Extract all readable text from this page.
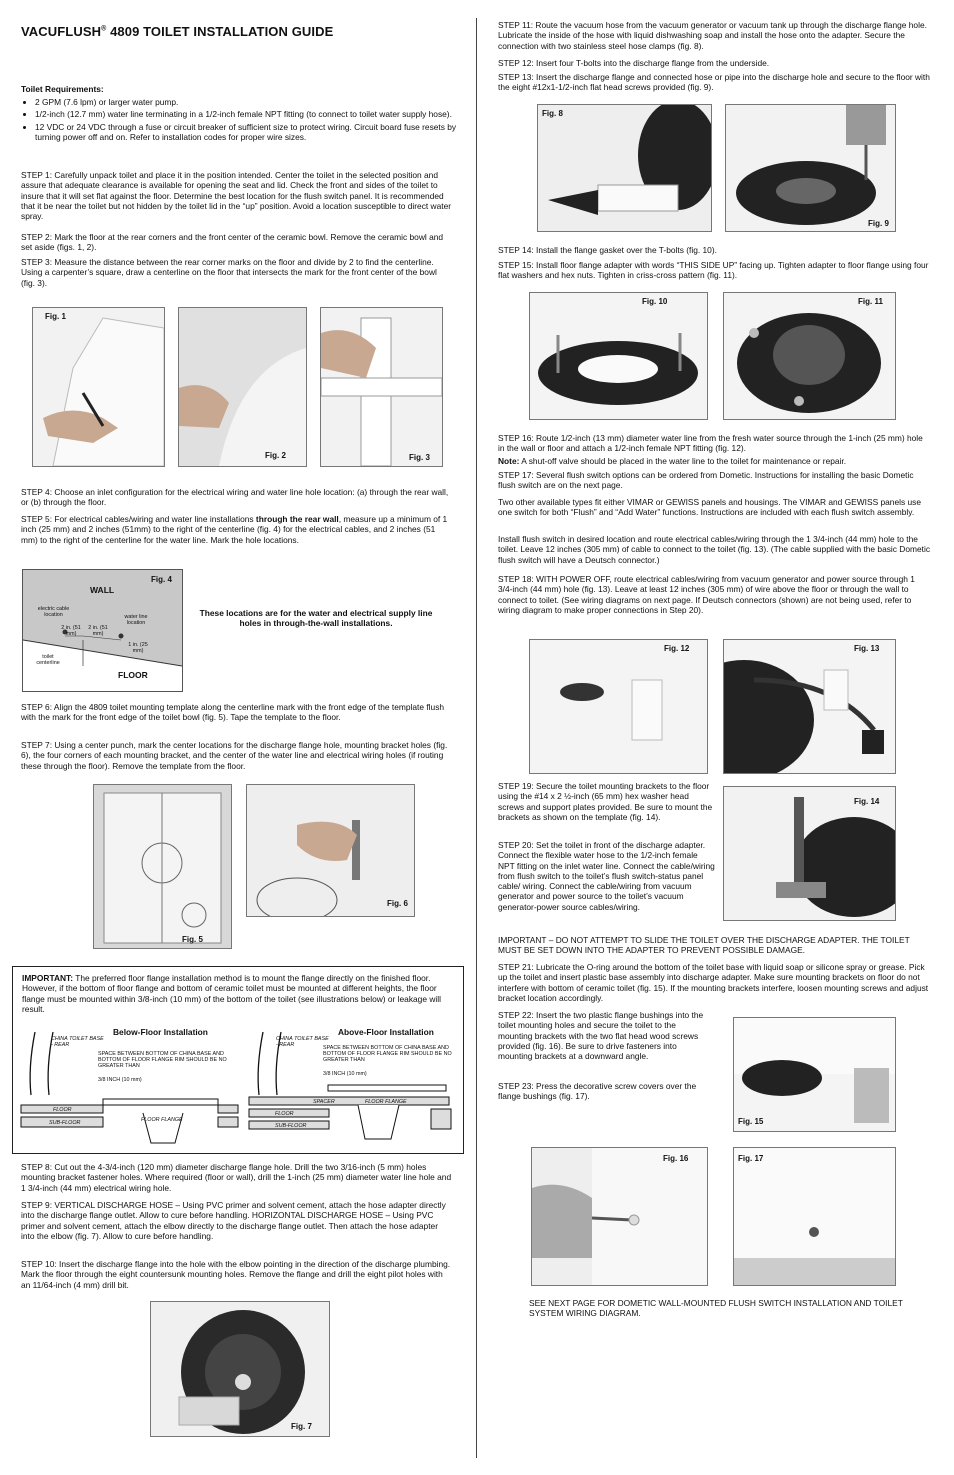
VACUFLUSH® 4809 TOILET INSTALLATION GUIDE
Toilet Requirements:
• 2 GPM (7.6 lpm) or larger water pump.
• 1/2-inch (12.7 mm) water line terminating in a 1/2-inch female NPT fitting (to connect to toilet water supply hose).
• 12 VDC or 24 VDC through a fuse or circuit breaker of sufficient size to protect wiring. Circuit board fuse resets by turning power off and on. Refer to installation codes for proper wire sizes.

STEP 1: Carefully unpack toilet and place it in the position intended. Center the toilet in the selected position and assure that adequate clearance is available for opening the seat and lid. Check the front and sides of the toilet to insure that it will set flat against the floor. Determine the best location for the flush switch panel. It is recommended that it be near the toilet but not hidden by the toilet lid in the “up” position. Avoid a location susceptible to direct water spray.

STEP 2: Mark the floor at the rear corners and the front center of the ceramic bowl. Remove the ceramic bowl and set aside (figs. 1, 2).

STEP 3: Measure the distance between the rear corner marks on the floor and divide by 2 to find the centerline. Using a carpenter’s square, draw a centerline on the floor that intersects the mark for the front center of the bowl (fig. 3).

Fig. 1
Fig. 2	Fig. 3

STEP 4: Choose an inlet configuration for the electrical wiring and water line hole location: (a) through the rear wall, or (b) through the floor.

STEP 5: For electrical cables/wiring and water line installations through the rear wall, measure up a minimum of 1 inch (25 mm) and 2 inches (51mm) to the right of the centerline (fig. 4) for the electrical cables, and 2 inches (51 mm) to the right of the centerline for the water line. Mark the hole locations.

Fig. 4
WALL
electric cable location	water line location
2 in. (51 mm)
2 in. (51 mm)
1 in. (25 mm)
toilet centerline
FLOOR

These locations are for the water and electrical supply line holes in through-the-wall installations.

STEP 6: Align the 4809 toilet mounting template along the centerline mark with the front edge of the template flush with the mark for the front edge of the toilet bowl (fig. 5). Tape the template to the floor.

STEP 7: Using a center punch, mark the center locations for the discharge flange hole, mounting bracket holes (fig. 6), the four corners of each mounting bracket, and the center of the water line and electrical wiring holes (if routing these through the floor). Remove the template from the floor.

Fig. 5
Fig. 6

IMPORTANT: The preferred floor flange installation method is to mount the flange directly on the finished floor. However, if the bottom of floor flange and bottom of ceramic toilet must be mounted at different heights, the floor flange must be mounted within 3/8-inch (10 mm) of the bottom of the toilet (see illustrations below) or leakage will result.

Below-Floor Installation	Above-Floor Installation
CHINA TOILET BASE - REAR
SPACE BETWEEN BOTTOM OF CHINA BASE AND BOTTOM OF FLOOR FLANGE RIM SHOULD BE NO GREATER THAN
3/8 INCH (10 mm)
FLOOR
SUB-FLOOR	FLOOR FLANGE
CHINA TOILET BASE - REAR	SPACE BETWEEN BOTTOM OF CHINA BASE AND BOTTOM OF FLOOR FLANGE RIM SHOULD BE NO GREATER THAN
3/8 INCH (10 mm)
SPACER	FLOOR FLANGE
FLOOR
SUB-FLOOR

STEP 8: Cut out the 4-3/4-inch (120 mm) diameter discharge flange hole. Drill the two 3/16-inch (5 mm) holes mounting bracket fastener holes. Where required (floor or wall), drill the 1-inch (25 mm) diameter water line hole and 1 3/4-inch (44 mm) electrical wiring hole.

STEP 9: VERTICAL DISCHARGE HOSE – Using PVC primer and solvent cement, attach the hose adapter directly into the discharge flange outlet. Allow to cure before handling. HORIZONTAL DISCHARGE HOSE – Using PVC primer and solvent cement, attach the elbow directly to the discharge flange outlet. Then attach the hose adapter into the elbow (fig. 7). Allow to cure before handling.

STEP 10: Insert the discharge flange into the hole with the elbow pointing in the direction of the discharge plumbing. Mark the floor through the eight countersunk mounting holes. Remove the flange and drill the eight pilot holes with an 11/64-inch (4 mm) drill bit.

Fig. 7

STEP 11: Route the vacuum hose from the vacuum generator or vacuum tank up through the discharge flange hole. Lubricate the inside of the hose with liquid dishwashing soap and install the hose onto the adapter. Secure the connection with two stainless steel hose clamps (fig. 8).

STEP 12: Insert four T-bolts into the discharge flange from the underside.

STEP 13: Insert the discharge flange and connected hose or pipe into the discharge hole and secure to the floor with the eight #12x1-1/2-inch flat head screws provided (fig. 9).

Fig. 8
Fig. 9

STEP 14: Install the flange gasket over the T-bolts (fig. 10).

STEP 15: Install floor flange adapter with words “THIS SIDE UP” facing up. Tighten adapter to floor flange using four flat washers and hex nuts. Tighten in criss-cross pattern (fig. 11).

Fig. 10	Fig. 11

STEP 16: Route 1/2-inch (13 mm) diameter water line from the fresh water source through the 1-inch (25 mm) hole in the wall or floor and attach a 1/2-inch female NPT fitting (fig. 12).

Note: A shut-off valve should be placed in the water line to the toilet for maintenance or repair.

STEP 17: Several flush switch options can be ordered from Dometic. Instructions for installing the basic Dometic flush switch are on the next page.

Two other available types fit either VIMAR or GEWISS panels and housings. The VIMAR and GEWISS panels use one switch for both “Flush” and “Add Water” functions. Instructions are included with each flush switch assembly.

Install flush switch in desired location and route electrical cables/wiring through the 1 3/4-inch (44 mm) hole to the toilet. Leave 12 inches (305 mm) of cable to connect to the toilet (fig. 13). (The cable supplied with the basic Dometic flush switch will have a Deutsch connector.)

STEP 18: WITH POWER OFF, route electrical cables/wiring from vacuum generator and power source through 1 3/4-inch (44 mm) hole (fig. 13). Leave at least 12 inches (305 mm) of wire above the floor or through the wall to connect to toilet. (See wiring diagrams on next page. If Deutsch connectors (shown) are not being used, refer to wiring diagram to make proper connections in Step 20).

Fig. 12	Fig. 13

STEP 19: Secure the toilet mounting brackets to the floor using the #14 x 2 ½-inch (65 mm) hex washer head screws and support plates provided. Be sure to mount the brackets as shown on the template (fig. 14).

STEP 20: Set the toilet in front of the discharge adapter. Connect the flexible water hose to the 1/2-inch female NPT fitting on the inlet water line. Connect the cable/wiring from flush switch to the toilet’s flush switch-status panel cable/ wiring. Connect the cable/wiring from vacuum generator and power source to the toilet’s vacuum generator-power source cables/wiring.

Fig. 14

IMPORTANT – DO NOT ATTEMPT TO SLIDE THE TOILET OVER THE DISCHARGE ADAPTER. THE TOILET MUST BE SET DOWN INTO THE ADAPTER TO PREVENT POSSIBLE DAMAGE.

STEP 21: Lubricate the O-ring around the bottom of the toilet base with liquid soap or silicone spray or grease. Pick up the toilet and insert plastic base assembly into discharge adapter. Make sure mounting brackets on floor do not interfere with bottom of ceramic toilet (fig. 15). If the mounting brackets interfere, loosen mounting screws and adjust bracket location accordingly.

STEP 22: Insert the two plastic flange bushings into the toilet mounting holes and secure the toilet to the mounting brackets with the two flat head wood screws provided (fig. 16). Be sure to drive fasteners into mounting brackets at a downward angle.

STEP 23: Press the decorative screw covers over the flange bushings (fig. 17).

Fig. 15
Fig. 16	Fig. 17

SEE NEXT PAGE FOR DOMETIC WALL-MOUNTED FLUSH SWITCH INSTALLATION AND TOILET SYSTEM WIRING DIAGRAM.
